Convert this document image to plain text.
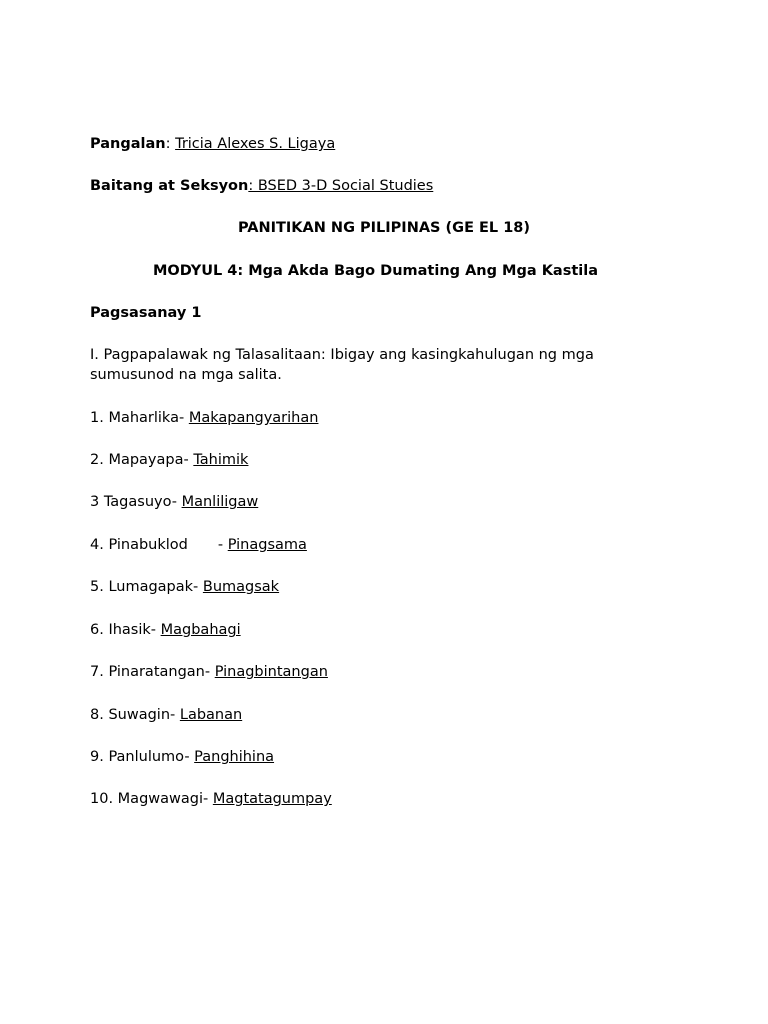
Pangalan: Tricia Alexes S. Ligaya
Baitang at Seksyon: BSED 3-D Social Studies
PANITIKAN NG PILIPINAS (GE EL 18)
MODYUL 4: Mga Akda Bago Dumating Ang Mga Kastila
Pagsasanay 1
I. Pagpapalawak ng Talasalitaan: Ibigay ang kasingkahulugan ng mga sumusunod na mga salita.
1. Maharlika- Makapangyarihan
2. Mapayapa- Tahimik
3 Tagasuyo- Manliligaw
4. Pinabuklod - Pinagsama
5. Lumagapak- Bumagsak
6. Ihasik- Magbahagi
7. Pinaratangan- Pinagbintangan
8. Suwagin- Labanan
9. Panlulumo- Panghihina
10. Magwawagi- Magtatagumpay
